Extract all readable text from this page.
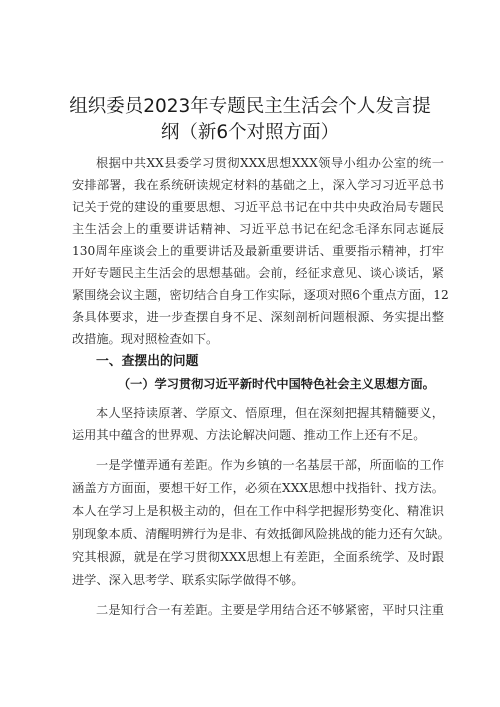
组织委员2023年专题民主生活会个人发言提
纲（新6个对照方面）
根据中共XX县委学习贯彻XXX思想XXX领导小组办公室的统一
安排部署，我在系统研读规定材料的基础之上，深入学习习近平总书
记关于党的建设的重要思想、习近平总书记在中共中央政治局专题民
主生活会上的重要讲话精神、习近平总书记在纪念毛泽东同志诞辰
130周年座谈会上的重要讲话及最新重要讲话、重要指示精神，打牢
开好专题民主生活会的思想基础。会前，经征求意见、谈心谈话，紧
紧围绕会议主题，密切结合自身工作实际，逐项对照6个重点方面，12
条具体要求，进一步查摆自身不足、深刻剖析问题根源、务实提出整
改措施。现对照检查如下。
一、查摆出的问题
（一）学习贯彻习近平新时代中国特色社会主义思想方面。
本人坚持读原著、学原文、悟原理，但在深刻把握其精髓要义，
运用其中蕴含的世界观、方法论解决问题、推动工作上还有不足。
一是学懂弄通有差距。作为乡镇的一名基层干部，所面临的工作
涵盖方方面面，要想干好工作，必须在XXX思想中找指针、找方法。
本人在学习上是积极主动的，但在工作中科学把握形势变化、精准识
别现象本质、清醒明辨行为是非、有效抵御风险挑战的能力还有欠缺。
究其根源，就是在学习贯彻XXX思想上有差距，全面系统学、及时跟
进学、深入思考学、联系实际学做得不够。
二是知行合一有差距。主要是学用结合还不够紧密，平时只注重
